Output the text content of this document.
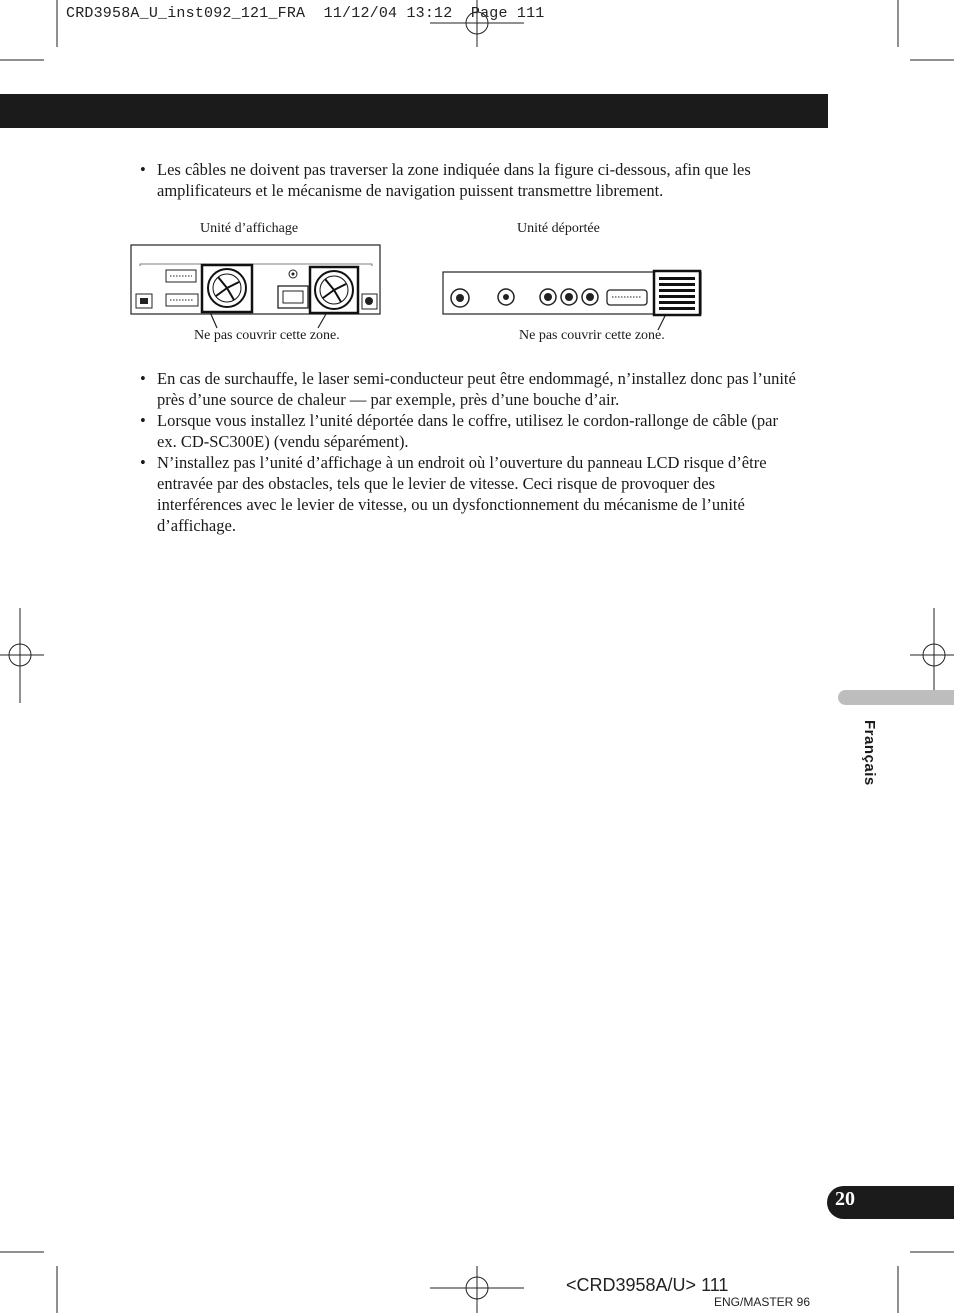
CRD3958A_U_inst092_121_FRA  11/12/04 13:12  Page 111
• Les câbles ne doivent pas traverser la zone indiquée dans la figure ci-dessous, afin que les amplificateurs et le mécanisme de navigation puissent transmettre librement.
Unité d’affichage	Unité déportée
Ne pas couvrir cette zone.	Ne pas couvrir cette zone.
• En cas de surchauffe, le laser semi-conducteur peut être endommagé, n’installez donc pas l’unité près d’une source de chaleur — par exemple, près d’une bouche d’air.
• Lorsque vous installez l’unité déportée dans le coffre, utilisez le cordon-rallonge de câble (par ex. CD-SC300E) (vendu séparément).
• N’installez pas l’unité d’affichage à un endroit où l’ouverture du panneau LCD risque d’être entravée par des obstacles, tels que le levier de vitesse. Ceci risque de provoquer des interférences avec le levier de vitesse, ou un dysfonctionnement du mécanisme de l’unité d’affichage.
Français
20
<CRD3958A/U> 111
ENG/MASTER 96
